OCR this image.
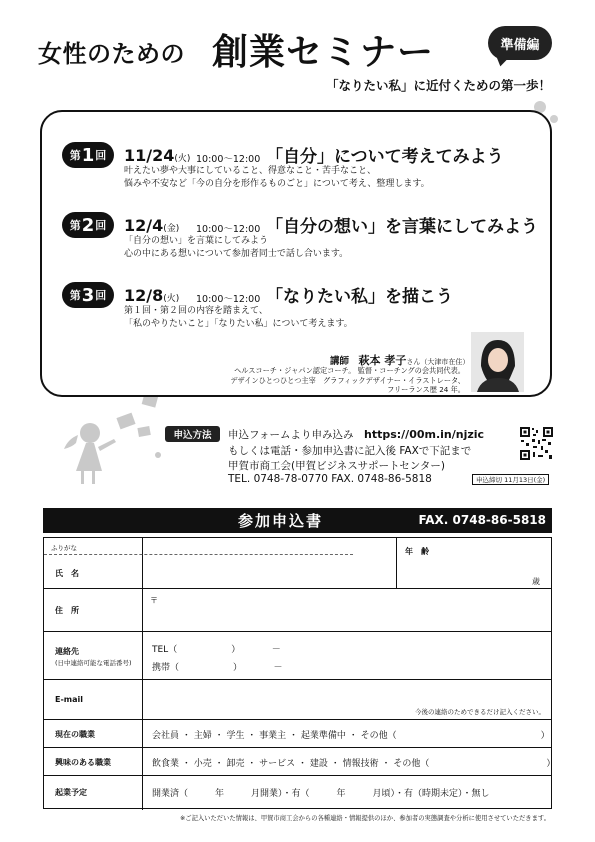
女性のための 創業セミナー	準備編
「なりたい私」に近付くための第一歩！
第 1 回 11/24(火) 10:00～12:00 「自分」について考えてみよう
叶えたい夢や大事にしていること、得意なこと・苦手なこと、
悩みや不安など「今の自分を形作るものごと」について考え、整理します。
第 2 回 12/4(金) 10:00～12:00 「自分の想い」を言葉にしてみよう
「自分の想い」を言葉にしてみよう
心の中にある想いについて参加者同士で話し合います。
第 3 回 12/8(火) 10:00～12:00 「なりたい私」を描こう
第１回・第２回の内容を踏まえて、
「私のやりたいこと」「なりたい私」について考えます。
講師　 萩本 孝子さん（大津市在住）
ヘルスコーチ・ジャパン認定コーチ。 監督・コーチングの会共同代表。
デザインひとつひとつ主宰　グラフィックデザイナー・イラストレータ、
フリーランス歴 24 年。
申込方法 申込フォームより申み込み　 https://00m.in/njzic
もしくは電話・参加申込書に記入後 FAXで下記まで
甲賀市商工会(甲賀ビジネスサポートセンター)
TEL. 0748-78-0770 FAX. 0748-86-5818	申込締切 11月13日(金)
参加申込書	FAX. 0748-86-5818
ふりがな	年　齢
氏　名
歳
住　所
〒
連絡先
(日中連絡可能な電話番号)
TEL（　　　　　　）　　　　－
携帯（　　　　　　）　　　　－
E-mail
今後の連絡のためできるだけ記入ください。
現在の職業	会社員 ・ 主婦 ・ 学生 ・ 事業主 ・ 起業準備中 ・ その他（　　　　　　　　　　　　　　　　）
興味のある職業	飲食業 ・ 小売 ・ 卸売 ・ サービス ・ 建設 ・ 情報技術 ・ その他（　　　　　　　　　　　　　）
起業予定	開業済（　　　年　　　月開業）・有（　　　年　　　月頃）・有（時期未定）・無し
※ご記入いただいた情報は、甲賀市商工会からの各種連絡・情報提供のほか、参加者の実態調査や分析に使用させていただきます。
